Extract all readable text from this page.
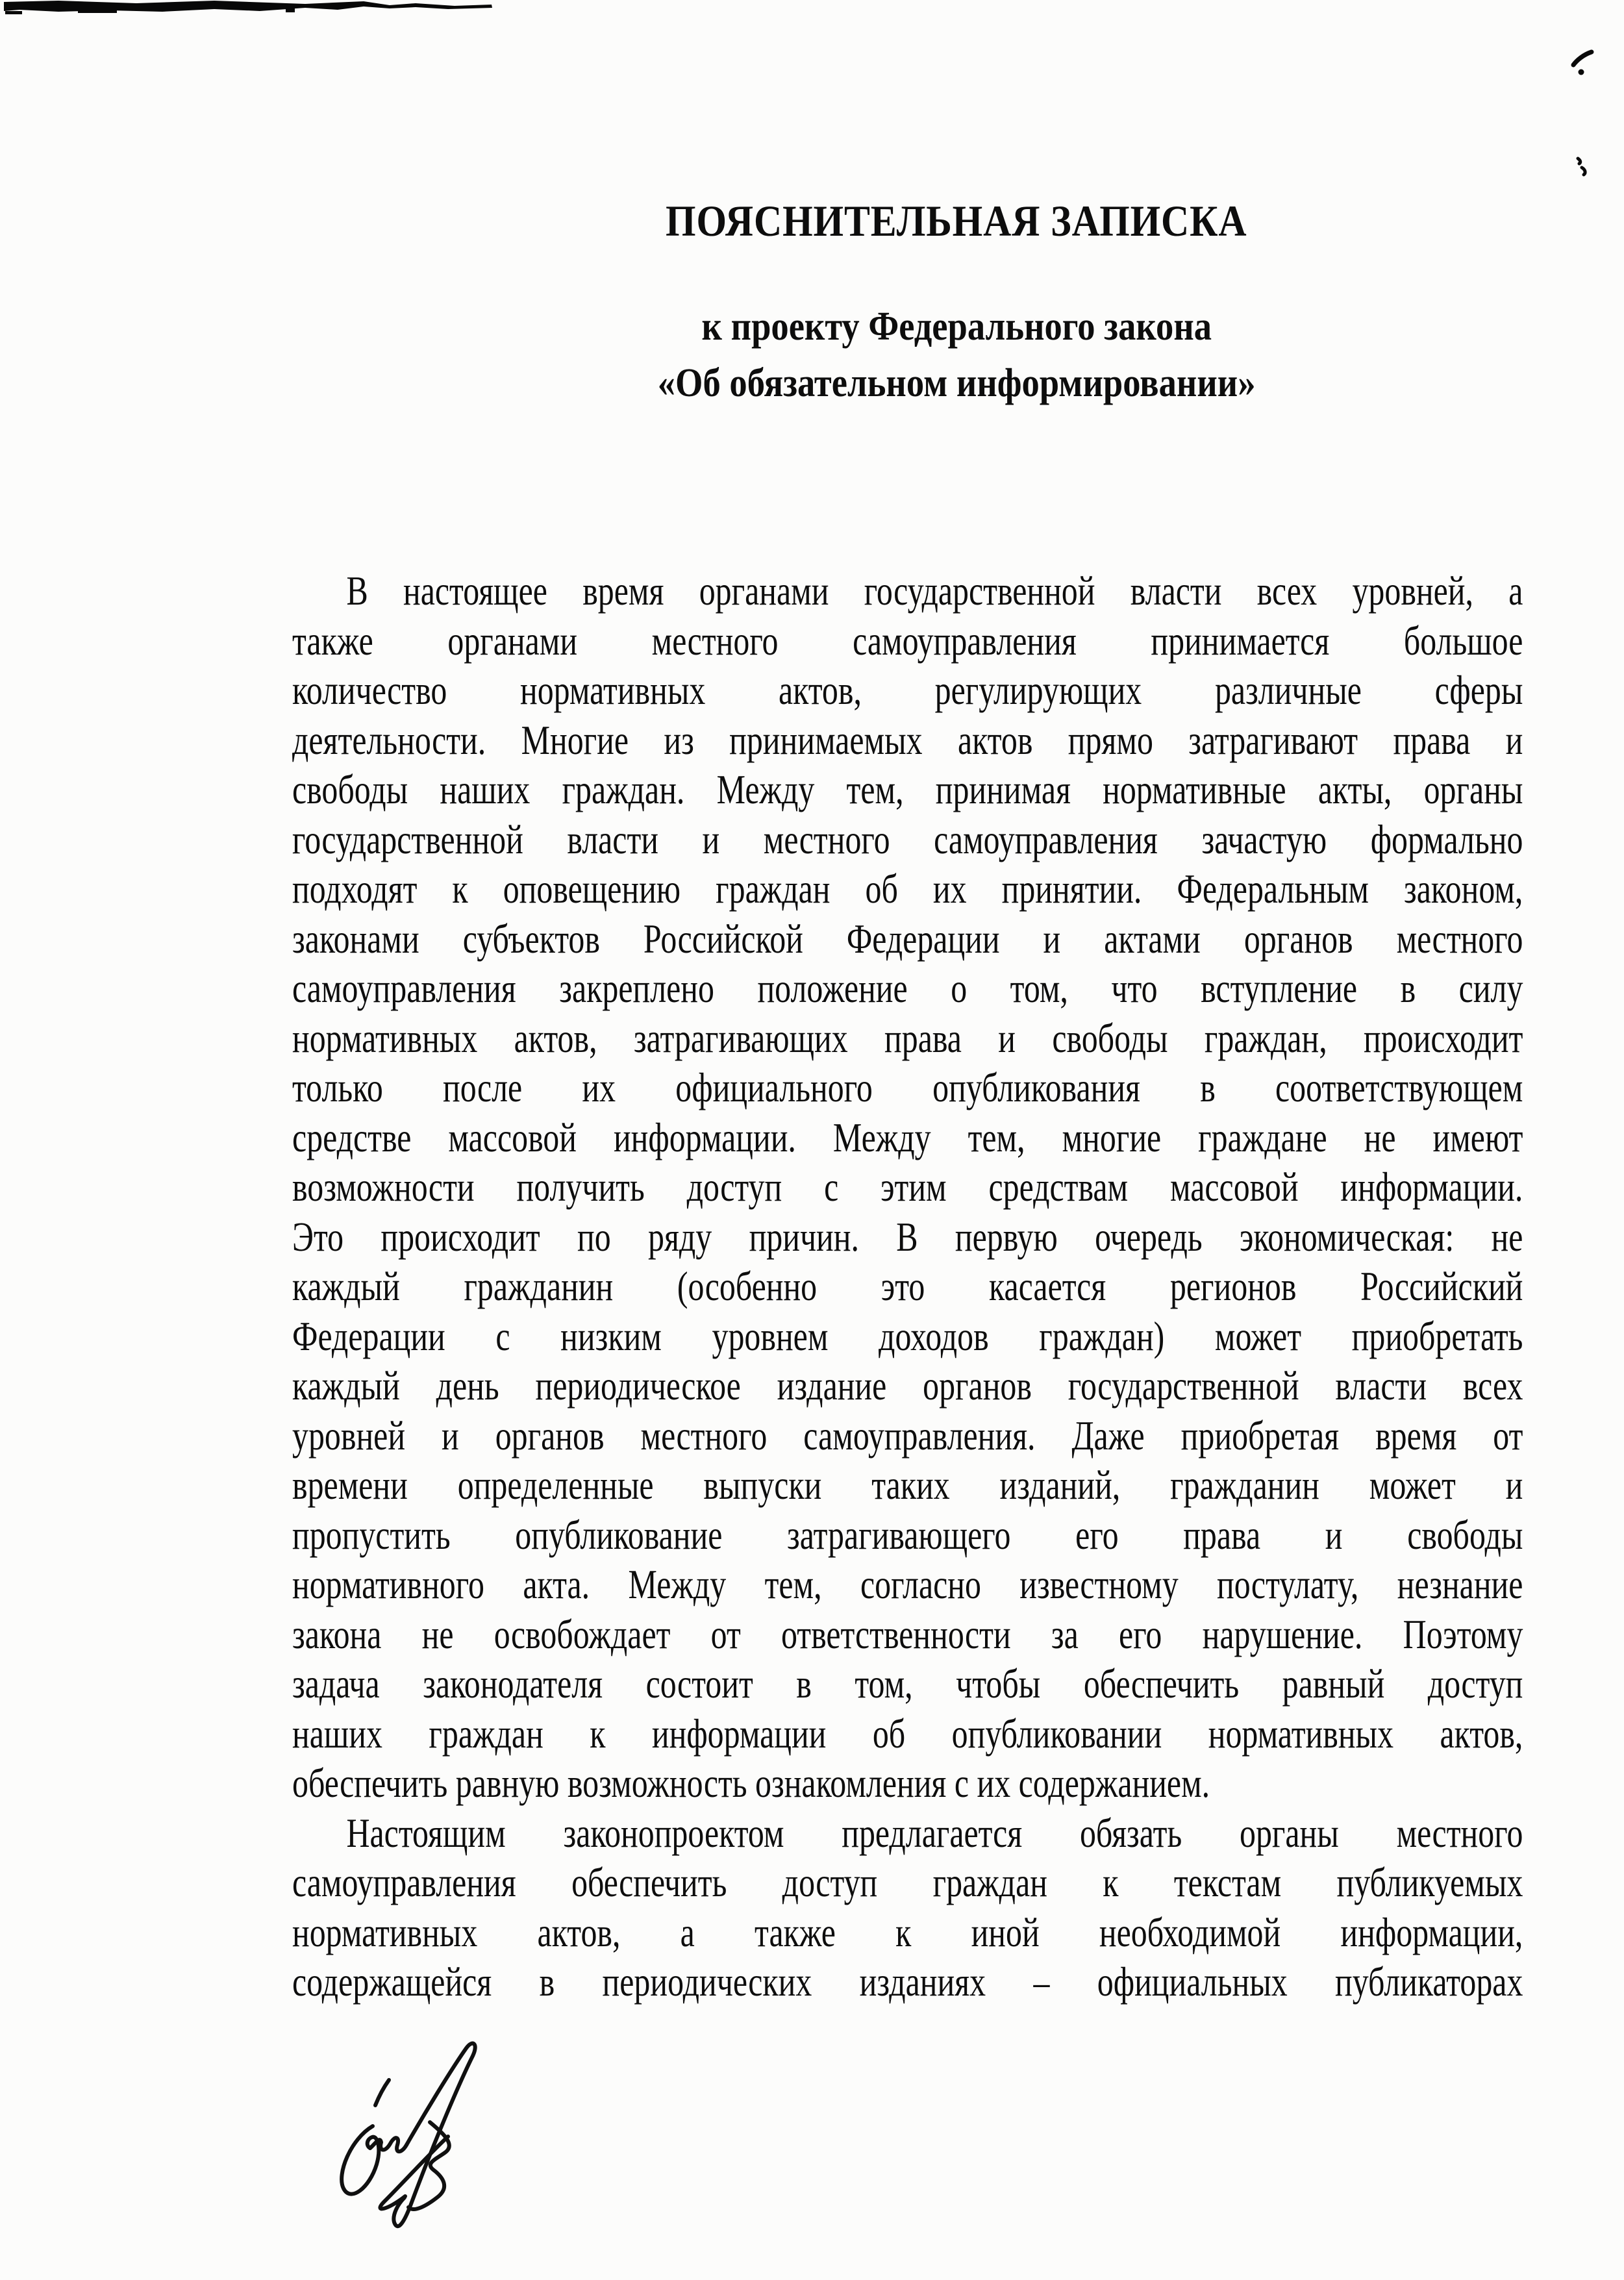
ПОЯСНИТЕЛЬНАЯ ЗАПИСКА
к проекту Федерального закона
«Об обязательном информировании»
В настоящее время органами государственной власти всех уровней, а
также органами местного самоуправления принимается большое
количество нормативных актов, регулирующих различные сферы
деятельности. Многие из принимаемых актов прямо затрагивают права и
свободы наших граждан. Между тем, принимая нормативные акты, органы
государственной власти и местного самоуправления зачастую формально
подходят к оповещению граждан об их принятии. Федеральным законом,
законами субъектов Российской Федерации и актами органов местного
самоуправления закреплено положение о том, что вступление в силу
нормативных актов, затрагивающих права и свободы граждан, происходит
только после их официального опубликования в соответствующем
средстве массовой информации. Между тем, многие граждане не имеют
возможности получить доступ с этим средствам массовой информации.
Это происходит по ряду причин. В первую очередь экономическая: не
каждый гражданин (особенно это касается регионов Российский
Федерации с низким уровнем доходов граждан) может приобретать
каждый день периодическое издание органов государственной власти всех
уровней и органов местного самоуправления. Даже приобретая время от
времени определенные выпуски таких изданий, гражданин может и
пропустить опубликование затрагивающего его права и свободы
нормативного акта. Между тем, согласно известному постулату, незнание
закона не освобождает от ответственности за его нарушение. Поэтому
задача законодателя состоит в том, чтобы обеспечить равный доступ
наших граждан к информации об опубликовании нормативных актов,
обеспечить равную возможность ознакомления с их содержанием.
Настоящим законопроектом предлагается обязать органы местного
самоуправления обеспечить доступ граждан к текстам публикуемых
нормативных актов, а также к иной необходимой информации,
содержащейся в периодических изданиях – официальных публикаторах
